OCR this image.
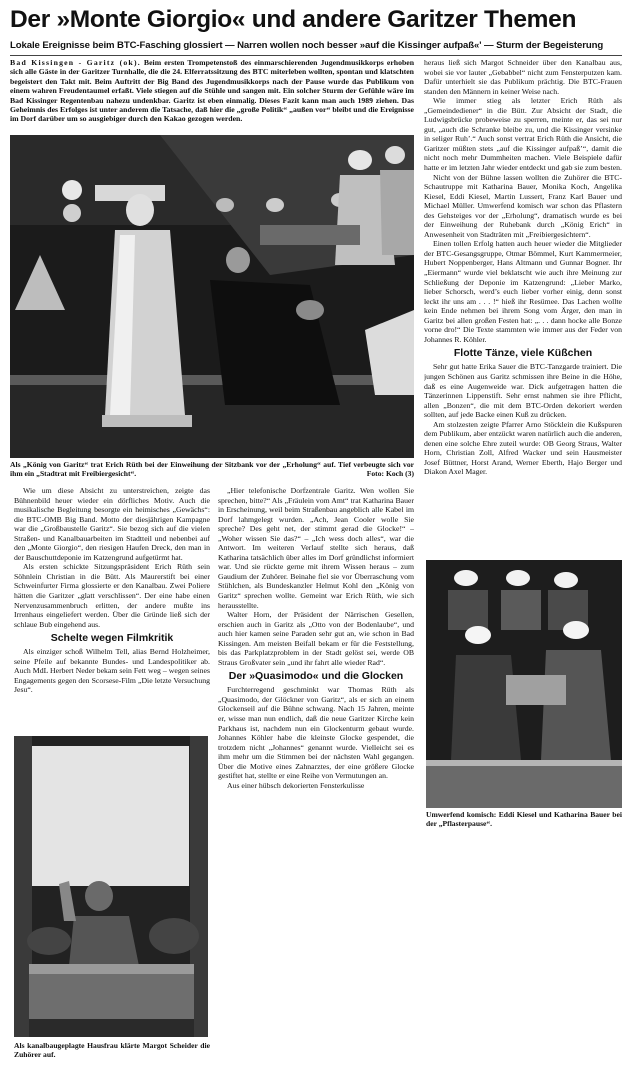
Der »Monte Giorgio« und andere Garitzer Themen
Lokale Ereignisse beim BTC-Fasching glossiert — Narren wollen noch besser »auf die Kissinger aufpaß«' — Sturm der Begeisterung

Bad Kissingen - Garitz (ok). Beim ersten Trompetenstoß des einmarschierenden Jugendmusikkorps erhoben sich alle Gäste in der Garitzer Turnhalle, die die 24. Elferratssitzung des BTC miterleben wollten, spontan und klatschten begeistert den Takt mit. Beim Auftritt der Big Band des Jugendmusikkorps nach der Pause wurde das Publikum von einem wahren Freudentaumel erfaßt. Viele stiegen auf die Stühle und sangen mit. Ein solcher Sturm der Gefühle wäre im Bad Kissinger Regentenbau nahezu undenkbar. Garitz ist eben einmalig. Dieses Fazit kann man auch 1989 ziehen. Das Geheimnis des Erfolges ist unter anderem die Tatsache, daß hier die „große Politik“ „außen vor“ bleibt und die Ereignisse im Dorf darüber um so ausgiebiger durch den Kakao gezogen werden.

Als „König von Garitz“ trat Erich Rüth bei der Einweihung der Sitzbank vor der „Erholung“ auf. Tief verbeugte sich vor ihm ein „Stadtrat mit Freibiergesicht“.	Foto: Koch (3)

Wie um diese Absicht zu unterstreichen, zeigte das Bühnenbild heuer wieder ein dörfliches Motiv. Auch die musikalische Begleitung besorgte ein heimisches „Gewächs“: die BTC-OMB Big Band. Motto der diesjährigen Kampagne war die „Großbaustelle Garitz“. Sie bezog sich auf die vielen Straßen- und Kanalbauarbeiten im Stadtteil und nebenbei auf den „Monte Giorgio“, den riesigen Haufen Dreck, den man in der Bauschuttdeponie im Katzengrund aufgetürmt hat.

Als ersten schickte Sitzungspräsident Erich Rüth sein Söhnlein Christian in die Bütt. Als Maurerstift bei einer Schweinfurter Firma glossierte er den Kanalbau. Zwei Poliere hätten die Garitzer „glatt verschlissen“. Der eine habe einen Nervenzusammenbruch erlitten, der andere mußte ins Irrenhaus eingeliefert werden. Über die Gründe ließ sich der schlaue Bub eingehend aus.

Schelte wegen Filmkritik

Als einziger schoß Wilhelm Tell, alias Bernd Holzheimer, seine Pfeile auf bekannte Bundes- und Landespolitiker ab. Auch MdL Herbert Neder bekam sein Fett weg – wegen seines Engagements gegen den Scorsese-Film „Die letzte Versuchung Jesu“.

Als kanalbaugeplagte Hausfrau klärte Margot Scheider die Zuhörer auf.

„Hier telefonische Dorfzentrale Garitz. Wen wollen Sie sprechen, bitte?“ Als „Fräulein vom Amt“ trat Katharina Bauer in Erscheinung, weil beim Straßenbau angeblich alle Kabel im Dorf lahmgelegt wurden. „Ach, Jean Cooler wolle Sie spreche? Des geht net, der stimmt gerad die Glocke!“ – „Woher wissen Sie das?“ – „Ich wess doch alles“, war die Antwort. Im weiteren Verlauf stellte sich heraus, daß Katharina tatsächlich über alles im Dorf gründlichst informiert war. Und sie rückte gerne mit ihrem Wissen heraus – zum Gaudium der Zuhörer. Beinahe fiel sie vor Überraschung vom Stühlchen, als Bundeskanzler Helmut Kohl den „König von Garitz“ sprechen wollte. Gemeint war Erich Rüth, wie sich herausstellte.

Walter Horn, der Präsident der Närrischen Gesellen, erschien auch in Garitz als „Otto von der Bodenlaube“, und auch hier kamen seine Paraden sehr gut an, wie schon in Bad Kissingen. Am meisten Beifall bekam er für die Feststellung, bis das Parkplatzproblem in der Stadt gelöst sei, werde OB Straus Großvater sein „und ihr fahrt alle wieder Rad“.

Der »Quasimodo« und die Glocken

Furchterregend geschminkt war Thomas Rüth als „Quasimodo, der Glöckner von Garitz“, als er sich an einem Glockenseil auf die Bühne schwang. Nach 15 Jahren, meinte er, wisse man nun endlich, daß die neue Garitzer Kirche kein Parkhaus ist, nachdem nun ein Glockenturm gebaut wurde. Johannes Köhler habe die kleinste Glocke gespendet, die trotzdem nicht „Johannes“ genannt wurde. Vielleicht sei es ihm mehr um die Stimmen bei der nächsten Wahl gegangen. Über die Motive eines Zahnarztes, der eine größere Glocke gestiftet hat, stellte er eine Reihe von Vermutungen an.

Aus einer hübsch dekorierten Fensterkulisse

heraus ließ sich Margot Schneider über den Kanalbau aus, wobei sie vor lauter „Gebabbel“ nicht zum Fensterputzen kam. Dafür unterhielt sie das Publikum prächtig. Die BTC-Frauen standen den Männern in keiner Weise nach.

Wie immer stieg als letzter Erich Rüth als „Gemeindediener“ in die Bütt. Zur Absicht der Stadt, die Ludwigsbrücke probeweise zu sperren, meinte er, das sei nur gut, „auch die Schranke bleibe zu, und die Kissinger versinke in seliger Ruh’.“ Auch sonst vertrat Erich Rüth die Ansicht, die Garitzer müßten stets „auf die Kissinger aufpaß’“, damit die nicht noch mehr Dummheiten machen. Viele Beispiele dafür hatte er im letzten Jahr wieder entdeckt und gab sie zum besten.

Nicht von der Bühne lassen wollten die Zuhörer die BTC-Schautruppe mit Katharina Bauer, Monika Koch, Angelika Kiesel, Eddi Kiesel, Martin Lussert, Franz Karl Bauer und Michael Müller. Umwerfend komisch war schon das Pflastern des Gehsteiges vor der „Erholung“, dramatisch wurde es bei der Einweihung der Ruhebank durch „König Erich“ in Anwesenheit von Stadträten mit „Freibiergesichtern“.

Einen tollen Erfolg hatten auch heuer wieder die Mitglieder der BTC-Gesangsgruppe, Otmar Bömmel, Kurt Kammermeier, Hubert Noppenberger, Hans Altmann und Gunnar Bogner. Ihr „Eiermann“ wurde viel beklatscht wie auch ihre Meinung zur Schließung der Deponie im Katzengrund: „Lieber Marko, lieber Schorsch, werd’s euch lieber vorher einig, denn sonst leckt ihr uns am . . . !“ hieß ihr Resümee. Das Lachen wollte kein Ende nehmen bei ihrem Song vom Ärger, den man in Garitz bei allen großen Festen hat: „. . . dann hocke alle Bonze vorne dro!“ Die Texte stammten wie immer aus der Feder von Johannes R. Köhler.

Flotte Tänze, viele Küßchen

Sehr gut hatte Erika Sauer die BTC-Tanzgarde trainiert. Die jungen Schönen aus Garitz schmissen ihre Beine in die Höhe, daß es eine Augenweide war. Dick aufgetragen hatten die Tänzerinnen Lippenstift. Sehr ernst nahmen sie ihre Pflicht, allen „Bonzen“, die mit dem BTC-Orden dekoriert werden sollten, auf jede Backe einen Kuß zu drücken.

Am stolzesten zeigte Pfarrer Arno Stöcklein die Kußspuren dem Publikum, aber entzückt waren natürlich auch die anderen, denen eine solche Ehre zuteil wurde: OB Georg Straus, Walter Horn, Christian Zoll, Alfred Wacker und sein Hausmeister Josef Büttner, Horst Arand, Werner Eberth, Hajo Berger und Diakon Axel Mager.

Umwerfend komisch: Eddi Kiesel und Katharina Bauer bei der „Pflasterpause“.
